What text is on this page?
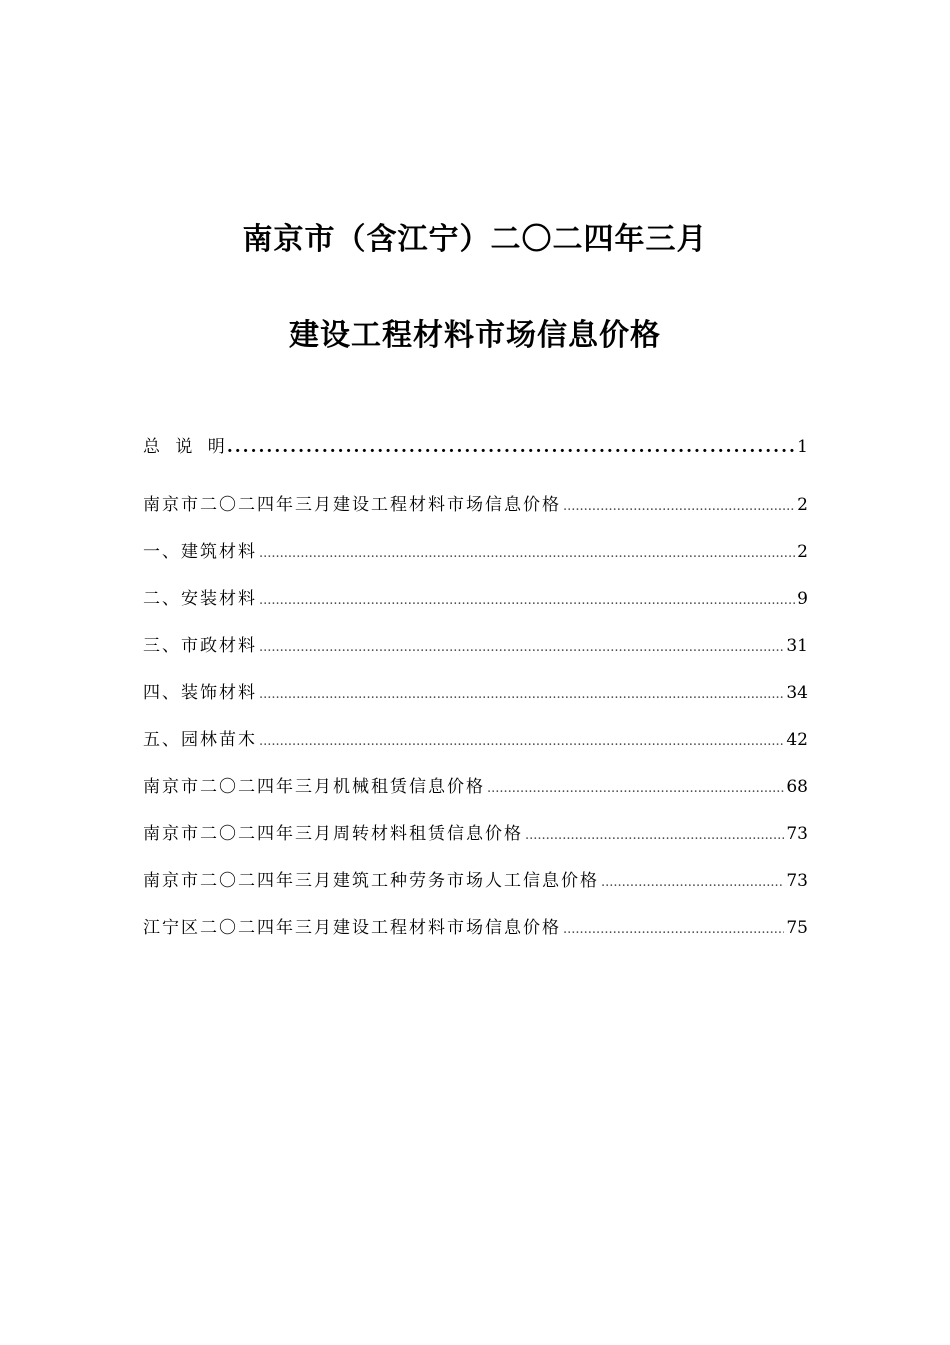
南京市（含江宁）二〇二四年三月
建设工程材料市场信息价格
总 说 明 .....	1
南京市二〇二四年三月建设工程材料市场信息价格 .....	2
一、建筑材料 .....	2
二、安装材料 .....	9
三、市政材料 .....	31
四、装饰材料 .....	34
五、园林苗木 .....	42
南京市二〇二四年三月机械租赁信息价格 .....	68
南京市二〇二四年三月周转材料租赁信息价格 .....	73
南京市二〇二四年三月建筑工种劳务市场人工信息价格 .....	73
江宁区二〇二四年三月建设工程材料市场信息价格 .....	75
